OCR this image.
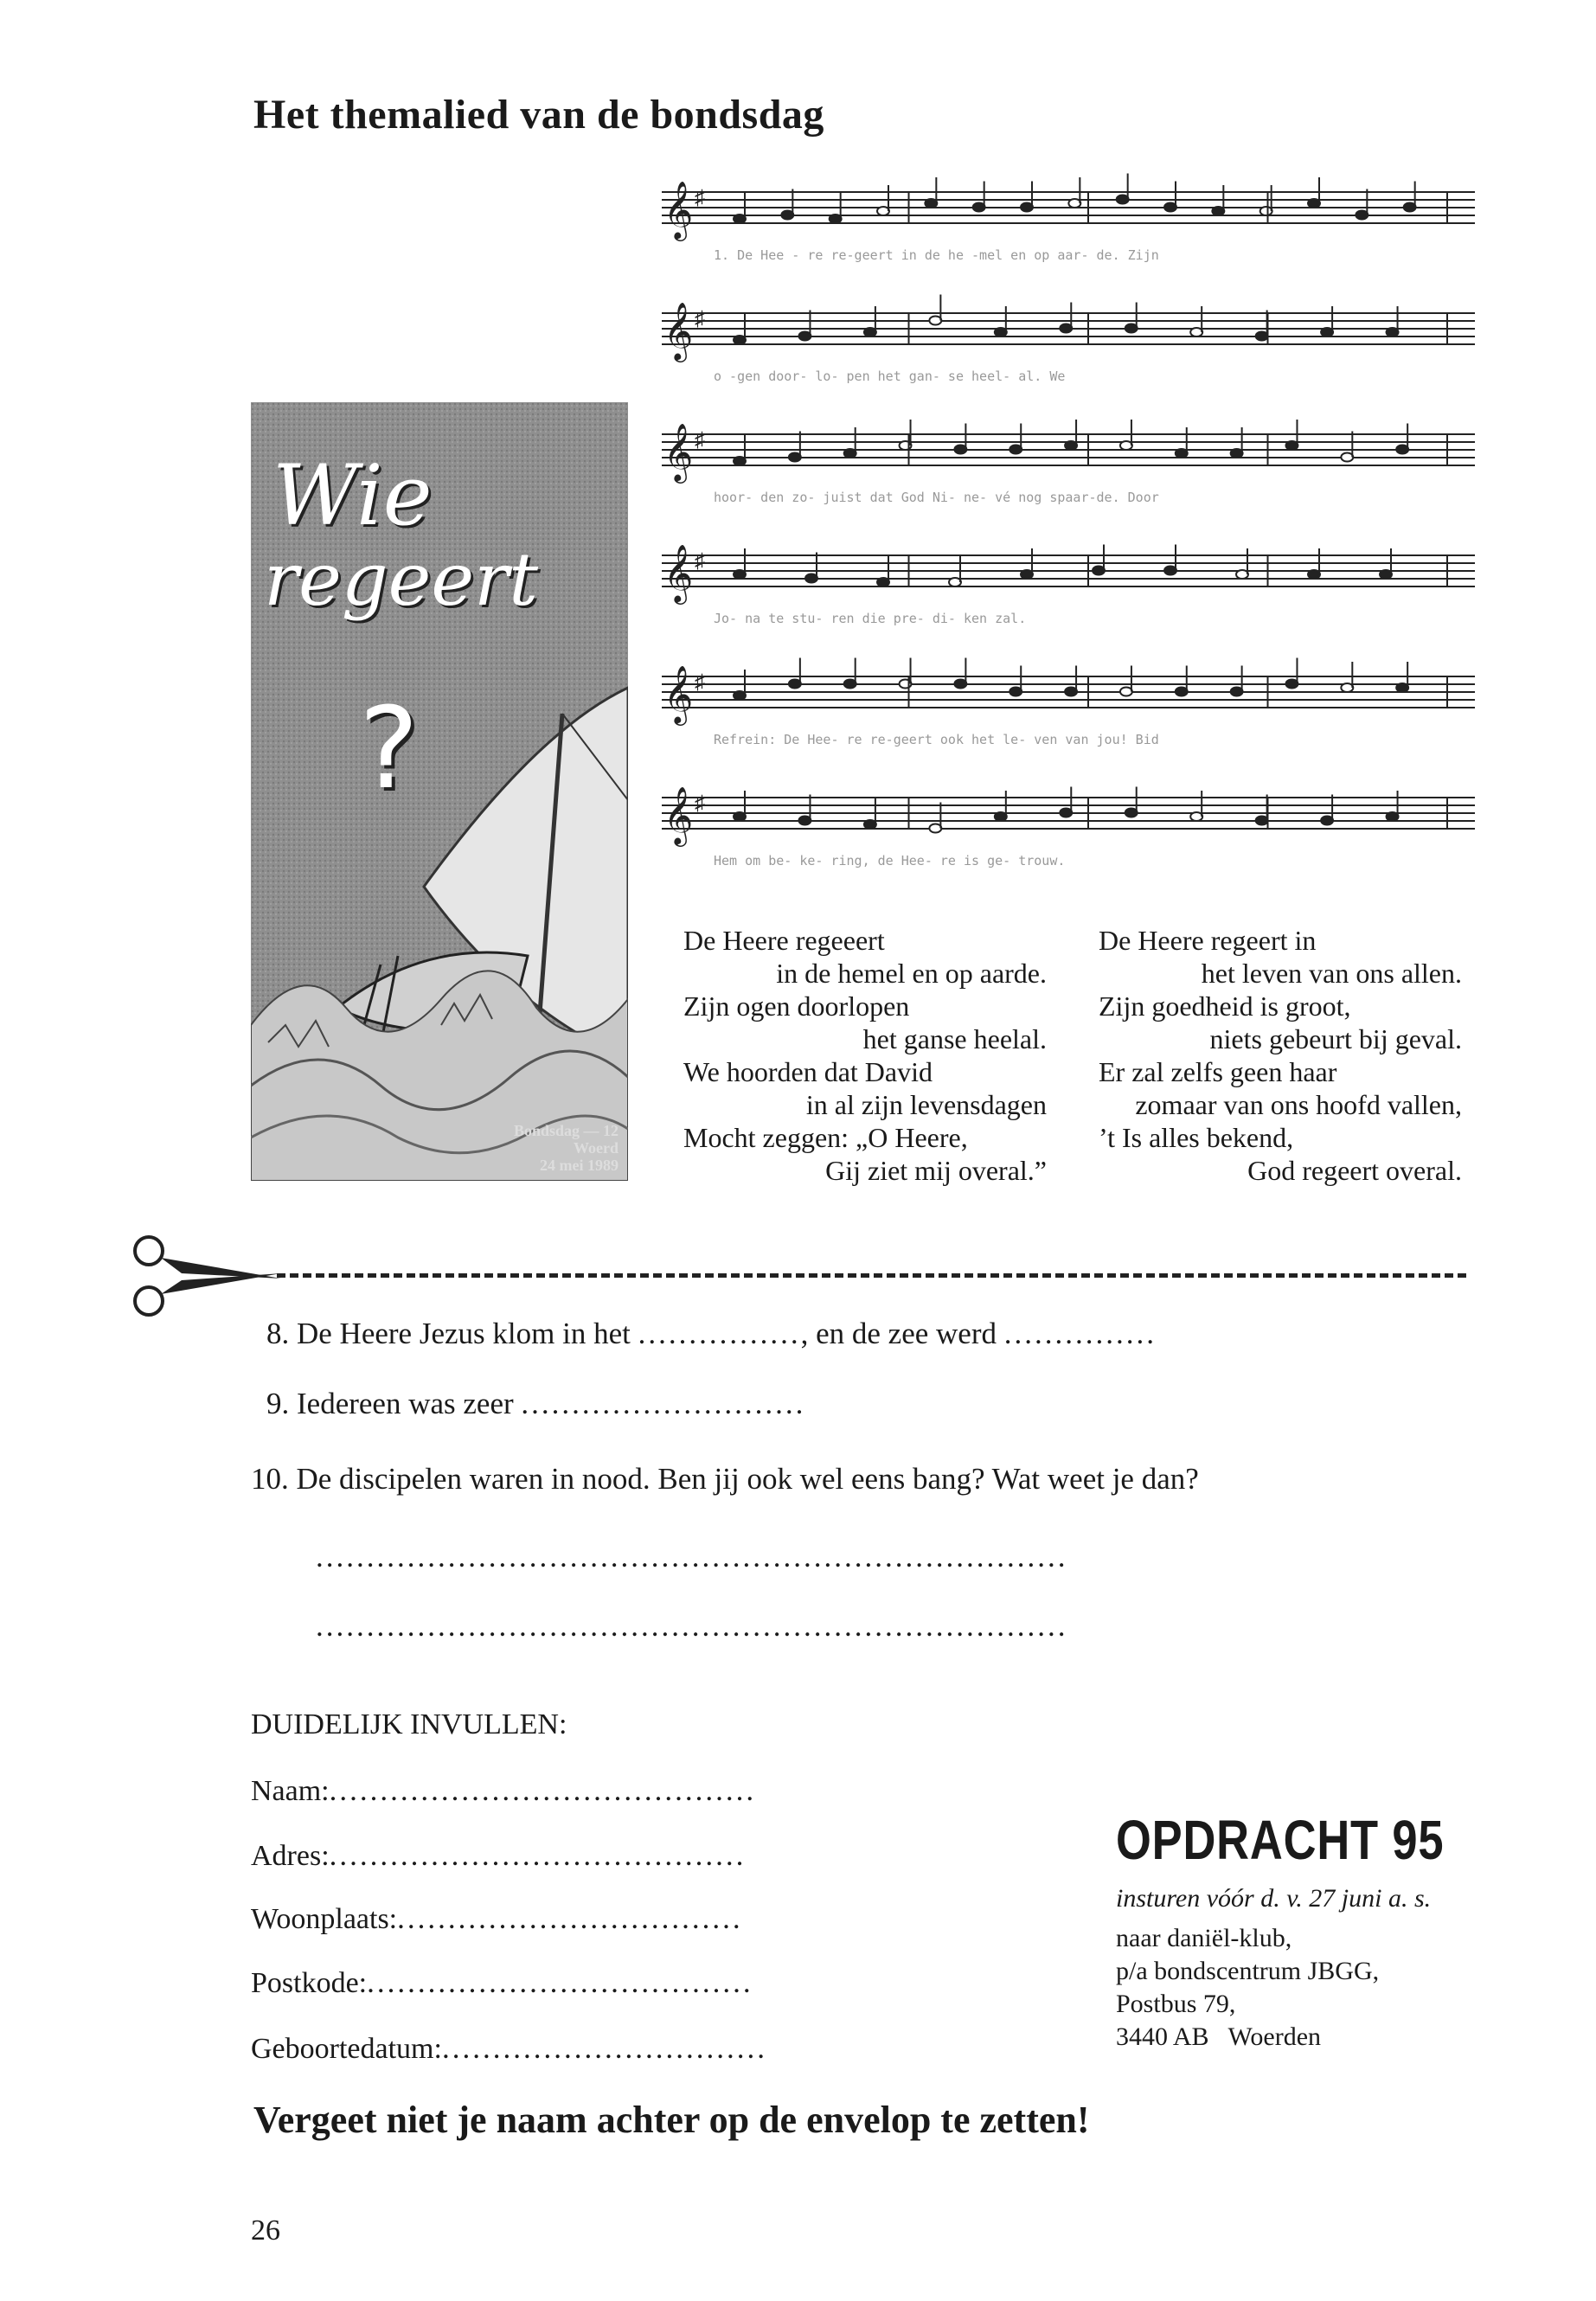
Het themalied van de bondsdag
Wie
regeert
?
Bondsdag — 12
Woerd
24 mei 1989
𝄞 ♯
1. De Hee - re re-geert in de he -mel en op aar- de. Zijn
𝄞 ♯
o -gen door- lo- pen het gan- se heel- al. We
𝄞 ♯
hoor- den zo- juist dat God Ni- ne- vé nog spaar-de. Door
𝄞 ♯
Jo- na te stu- ren die pre- di- ken zal.
𝄞 ♯
Refrein: De Hee- re re-geert ook het le- ven van jou! Bid
𝄞 ♯
Hem om be- ke- ring, de Hee- re is ge- trouw.
De Heere regeeert
in de hemel en op aarde.
Zijn ogen doorlopen
het ganse heelal.
We hoorden dat David
in al zijn levensdagen
Mocht zeggen: „O Heere,
Gij ziet mij overal.”
De Heere regeert in
het leven van ons allen.
Zijn goedheid is groot,
niets gebeurt bij geval.
Er zal zelfs geen haar
zomaar van ons hoofd vallen,
’t Is alles bekend,
God regeert overal.
8. De Heere Jezus klom in het ................, en de zee werd ...............
9. Iedereen was zeer ............................
10. De discipelen waren in nood. Ben jij ook wel eens bang? Wat weet je dan?
..........................................................................
..........................................................................
DUIDELIJK INVULLEN:
Naam:..........................................
Adres:.........................................
Woonplaats:..................................
Postkode:......................................
Geboortedatum:................................
OPDRACHT 95
insturen vóór d. v. 27 juni a. s.
naar daniël-klub,
p/a bondscentrum JBGG,
Postbus 79,
3440 AB   Woerden
Vergeet niet je naam achter op de envelop te zetten!
26
